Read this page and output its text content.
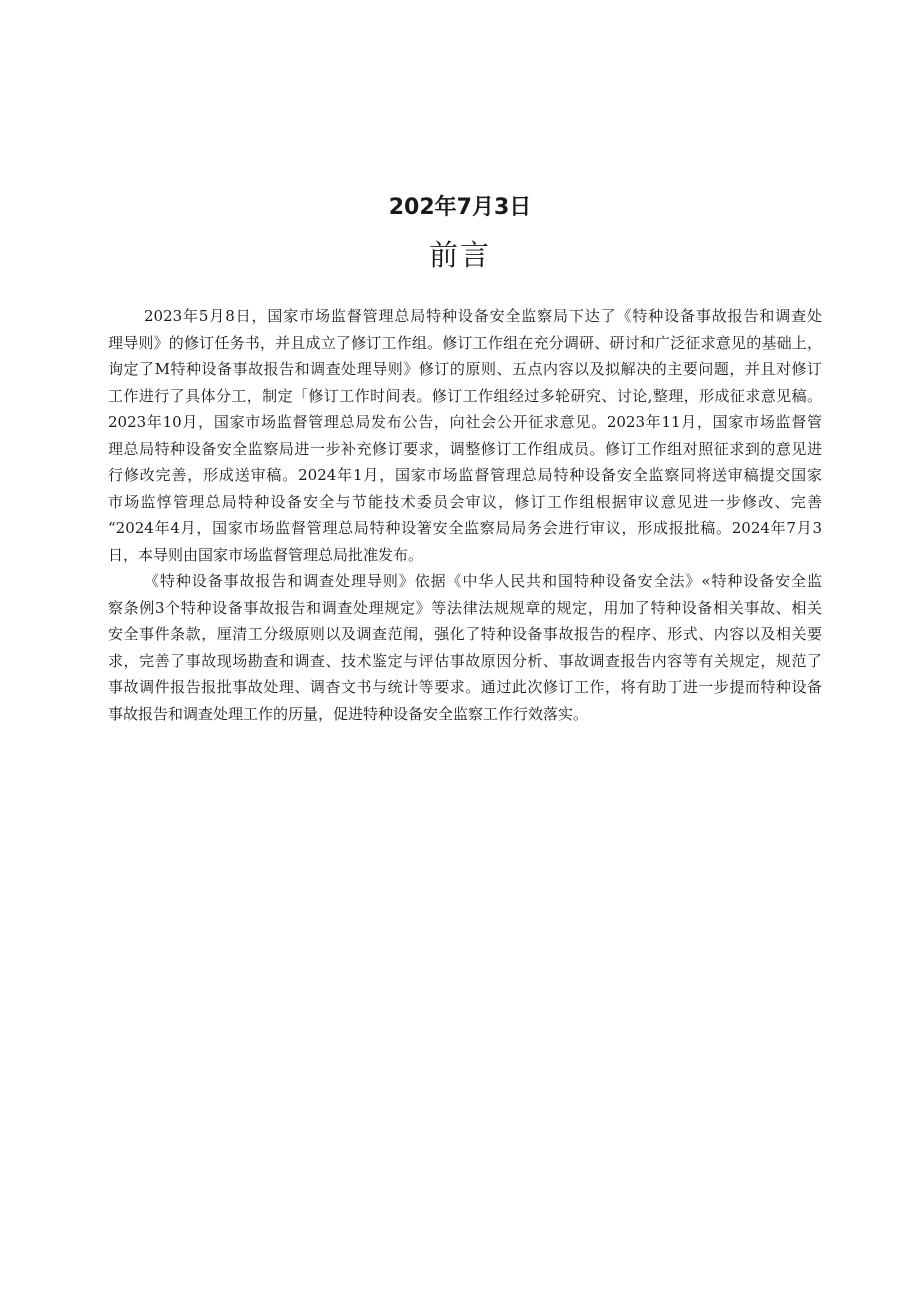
202年7月3日
前言
2023年5月8日，国家市场监督管理总局特种设备安全监察局下达了《特种设备事故报告和调查处
理导则》的修订任务书，并且成立了修订工作组。修订工作组在充分调研、研讨和广泛征求意见的基础上，
询定了M特种设备事故报告和调查处理导则》修订的原则、五点内容以及拟解决的主要问题，并且对修订
工作进行了具体分工，制定「修订工作时间表。修订工作组经过多轮研究、讨论,整理，形成征求意见稿。
2023年10月，国家市场监督管理总局发布公告，向社会公开征求意见。2023年11月，国家市场监督管
理总局特种设备安全监察局进一步补充修订要求，调整修订工作组成员。修订工作组对照征求到的意见进
行修改完善，形成送审稿。2024年1月，国家市场监督管理总局特种设备安全监察同将送审稿提交国家
市场监惇管理总局特种设备安全与节能技术委员会审议，修订工作组根据审议意见进一步修改、完善
“2024年4月，国家市场监督管理总局特种设箸安全监察局局务会进行审议，形成报批稿。2024年7月3
日，本导则由国家市场监督管理总局批准发布。
《特种设备事故报告和调查处理导则》依据《中华人民共和国特种设备安全法》«特种设备安全监
察条例3个特种设备事故报告和调查处理规定》等法律法规规章的规定，用加了特种设备相关事故、相关
安全事件条款，厘清工分级原则以及调查范闱，强化了特种设备事故报告的程序、形式、内容以及相关要
求，完善了事故现场勘查和调查、技术鉴定与评估事故原因分析、事故调查报告内容等有关规定，规范了
事故调件报告报批事故处理、调杳文书与统计等要求。通过此次修订工作，将有助丁进一步提而特种设备
事故报告和调查处理工作的历量，促进特种设备安全监察工作行效落实。
